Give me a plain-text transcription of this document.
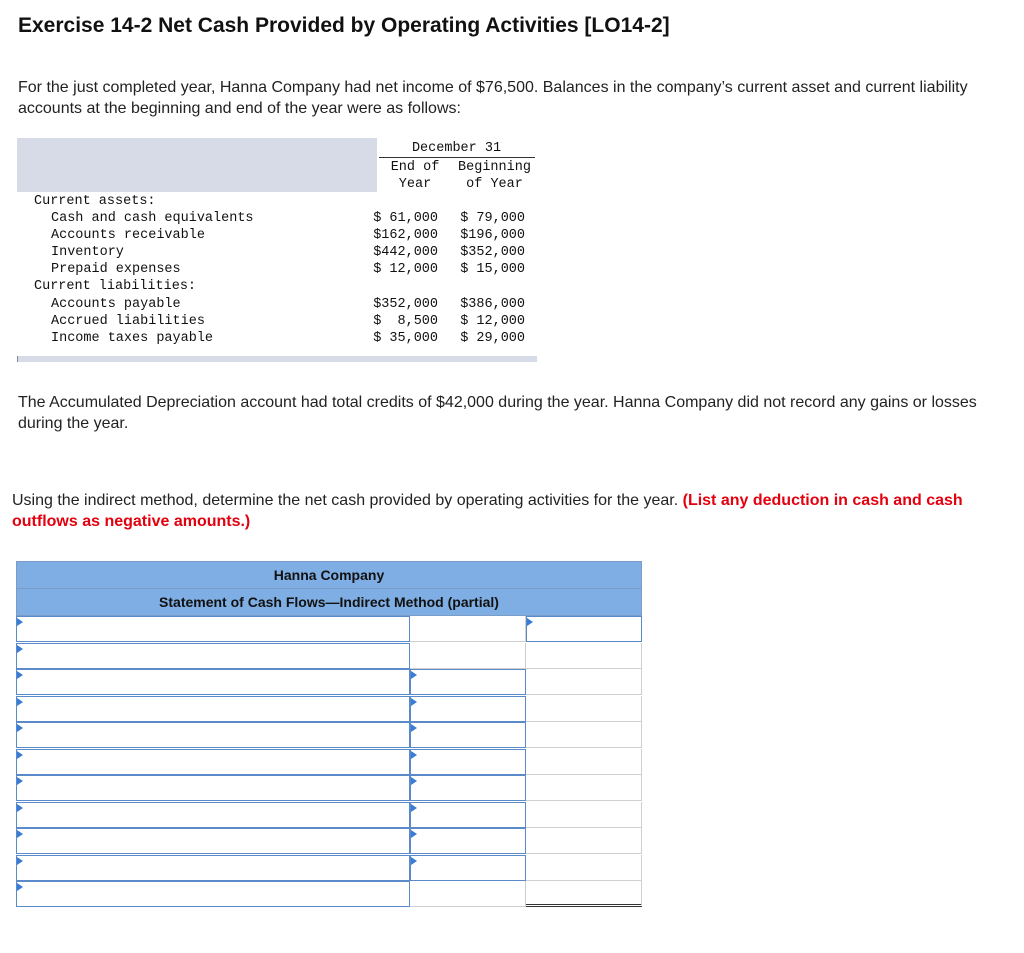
Exercise 14-2 Net Cash Provided by Operating Activities [LO14-2]
For the just completed year, Hanna Company had net income of $76,500. Balances in the company’s current asset and current liability accounts at the beginning and end of the year were as follows:
December 31
End of
Year
Beginning
of Year
Current assets:
Cash and cash equivalents	$ 61,000	$ 79,000
Accounts receivable	$162,000	$196,000
Inventory	$442,000	$352,000
Prepaid expenses	$ 12,000	$ 15,000
Current liabilities:
Accounts payable	$352,000	$386,000
Accrued liabilities	$  8,500	$ 12,000
Income taxes payable	$ 35,000	$ 29,000
The Accumulated Depreciation account had total credits of $42,000 during the year. Hanna Company did not record any gains or losses during the year.
Using the indirect method, determine the net cash provided by operating activities for the year. (List any deduction in cash and cash outflows as negative amounts.)
Hanna Company
Statement of Cash Flows—Indirect Method (partial)
